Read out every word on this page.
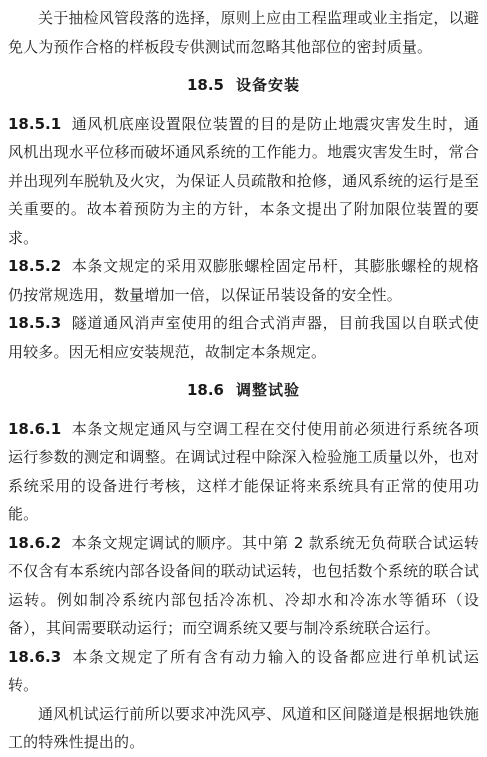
关于抽检风管段落的选择，原则上应由工程监理或业主指定，以避免人为预作合格的样板段专供测试而忽略其他部位的密封质量。

18.5 设备安装

18.5.1 通风机底座设置限位装置的目的是防止地震灾害发生时，通风机出现水平位移而破坏通风系统的工作能力。地震灾害发生时，常合并出现列车脱轨及火灾，为保证人员疏散和抢修，通风系统的运行是至关重要的。故本着预防为主的方针，本条文提出了附加限位装置的要求。

18.5.2 本条文规定的采用双膨胀螺栓固定吊杆，其膨胀螺栓的规格仍按常规选用，数量增加一倍，以保证吊装设备的安全性。

18.5.3 隧道通风消声室使用的组合式消声器，目前我国以自联式使用较多。因无相应安装规范，故制定本条规定。

18.6 调整试验

18.6.1 本条文规定通风与空调工程在交付使用前必须进行系统各项运行参数的测定和调整。在调试过程中除深入检验施工质量以外，也对系统采用的设备进行考核，这样才能保证将来系统具有正常的使用功能。

18.6.2 本条文规定调试的顺序。其中第 2 款系统无负荷联合试运转不仅含有本系统内部各设备间的联动试运转，也包括数个系统的联合试运转。例如制冷系统内部包括冷冻机、冷却水和冷冻水等循环（设备），其间需要联动运行；而空调系统又要与制冷系统联合运行。

18.6.3 本条文规定了所有含有动力输入的设备都应进行单机试运转。

通风机试运行前所以要求冲洗风亭、风道和区间隧道是根据地铁施工的特殊性提出的。
